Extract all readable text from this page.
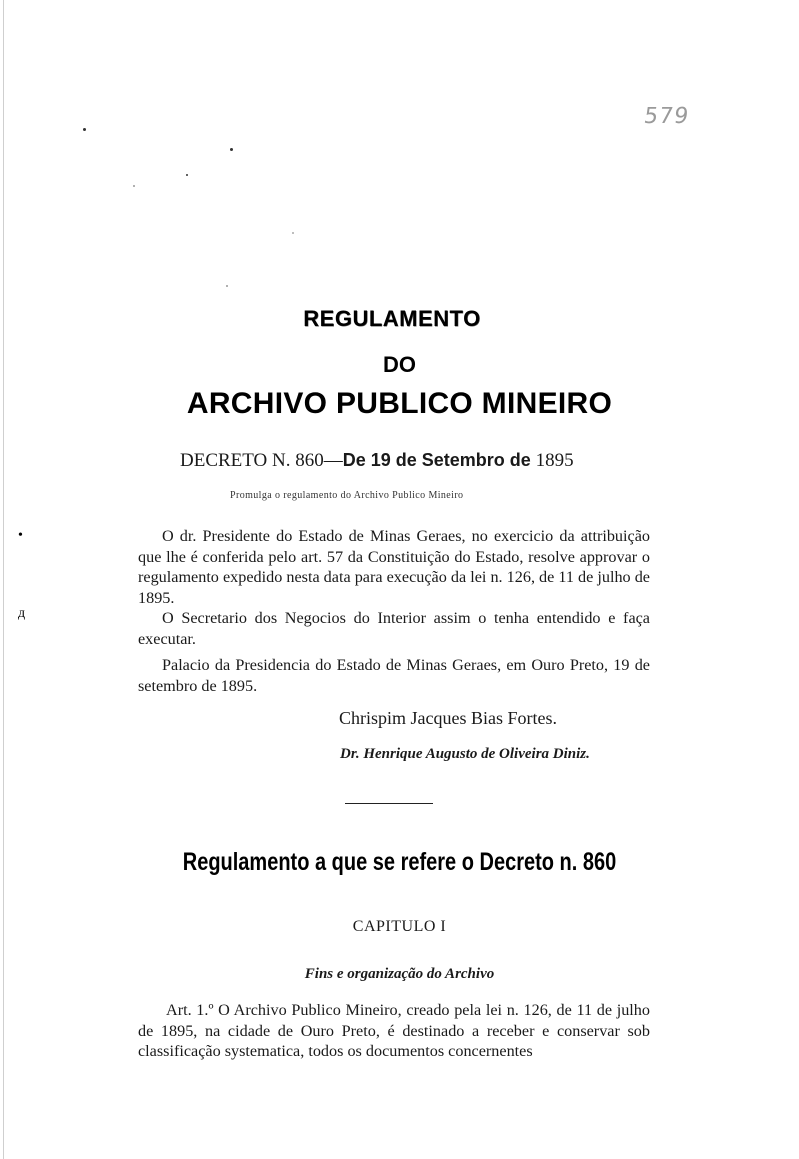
579
REGULAMENTO
DO
ARCHIVO PUBLICO MINEIRO
DECRETO N. 860—De 19 de Setembro de 1895
Promulga o regulamento do Archivo Publico Mineiro
•
д

O dr. Presidente do Estado de Minas Geraes, no exercicio da attribuição que lhe é conferida pelo art. 57 da Constituição do Estado, resolve approvar o regulamento expedido nesta data para execução da lei n. 126, de 11 de julho de 1895.

O Secretario dos Negocios do Interior assim o tenha entendido e faça executar.

Palacio da Presidencia do Estado de Minas Geraes, em Ouro Preto, 19 de setembro de 1895.

Chrispim Jacques Bias Fortes.
Dr. Henrique Augusto de Oliveira Diniz.
Regulamento a que se refere o Decreto n. 860
CAPITULO I
Fins e organização do Archivo

Art. 1.º O Archivo Publico Mineiro, creado pela lei n. 126, de 11 de julho de 1895, na cidade de Ouro Preto, é destinado a receber e conservar sob classificação systematica, todos os documentos concernentes
